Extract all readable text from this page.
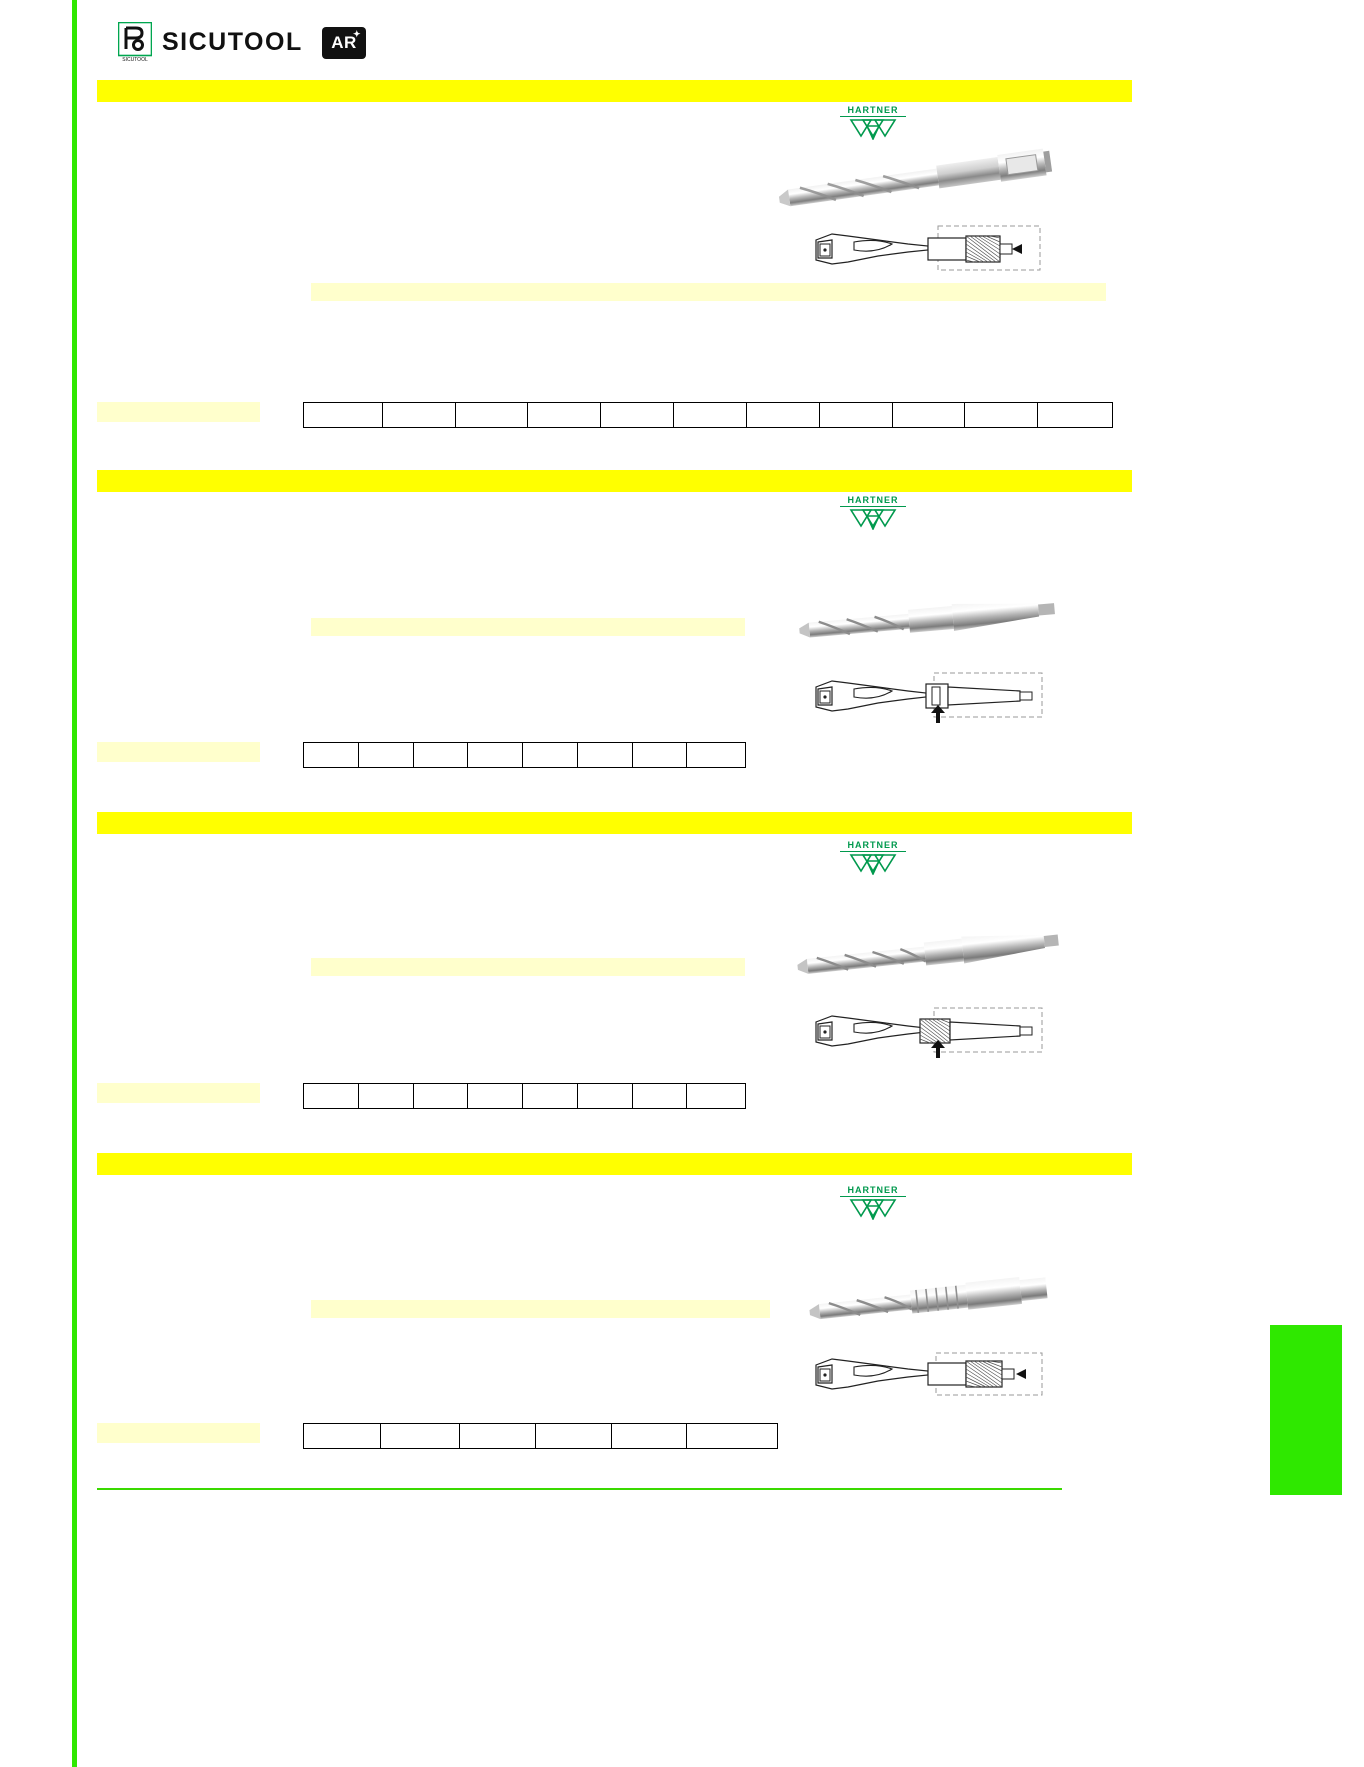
SICUTOOL
SICUTOOL AR
✦
HARTNER
HARTNER
HARTNER
HARTNER
